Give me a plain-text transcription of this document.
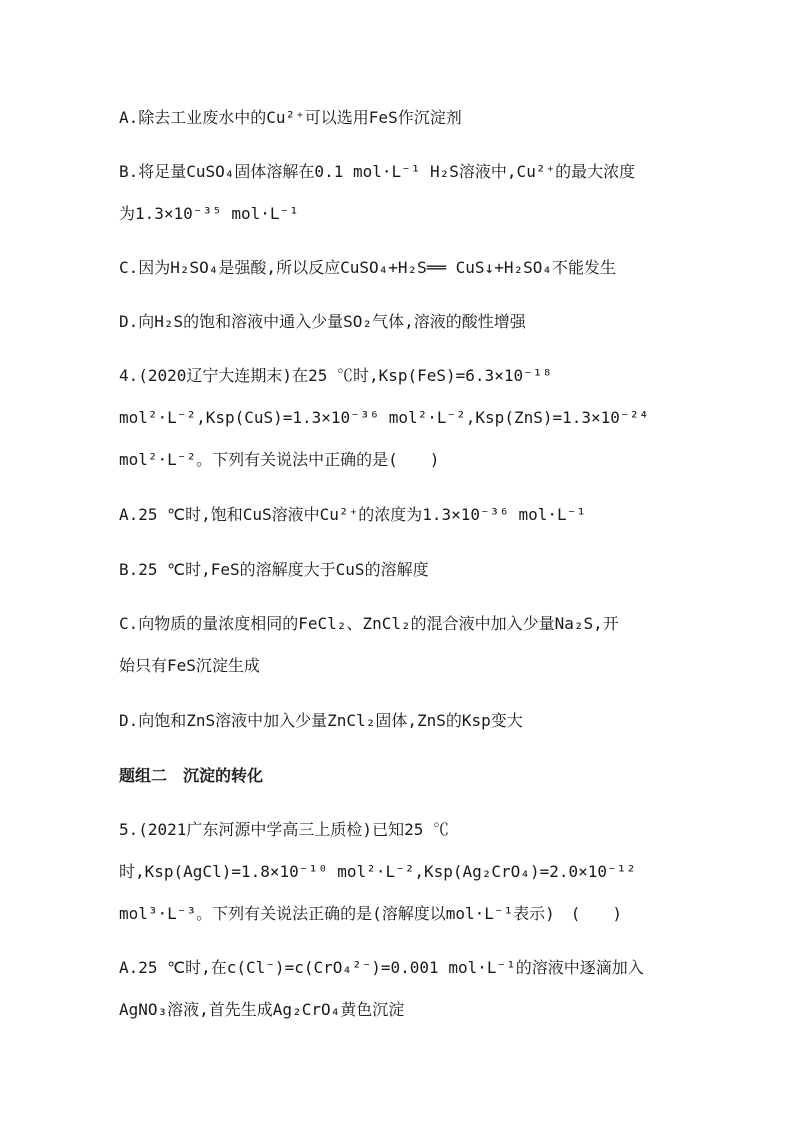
A.除去工业废水中的Cu²⁺可以选用FeS作沉淀剂
B.将足量CuSO₄固体溶解在0.1 mol·L⁻¹ H₂S溶液中,Cu²⁺的最大浓度
为1.3×10⁻³⁵ mol·L⁻¹
C.因为H₂SO₄是强酸,所以反应CuSO₄+H₂S══ CuS↓+H₂SO₄不能发生
D.向H₂S的饱和溶液中通入少量SO₂气体,溶液的酸性增强
4.(2020辽宁大连期末)在25 ℃时,Ksp(FeS)=6.3×10⁻¹⁸
mol²·L⁻²,Ksp(CuS)=1.3×10⁻³⁶ mol²·L⁻²,Ksp(ZnS)=1.3×10⁻²⁴
mol²·L⁻²。下列有关说法中正确的是(　　)
A.25 ℃时,饱和CuS溶液中Cu²⁺的浓度为1.3×10⁻³⁶ mol·L⁻¹
B.25 ℃时,FeS的溶解度大于CuS的溶解度
C.向物质的量浓度相同的FeCl₂、ZnCl₂的混合液中加入少量Na₂S,开
始只有FeS沉淀生成
D.向饱和ZnS溶液中加入少量ZnCl₂固体,ZnS的Ksp变大
题组二　沉淀的转化
5.(2021广东河源中学高三上质检)已知25 ℃
时,Ksp(AgCl)=1.8×10⁻¹⁰ mol²·L⁻²,Ksp(Ag₂CrO₄)=2.0×10⁻¹²
mol³·L⁻³。下列有关说法正确的是(溶解度以mol·L⁻¹表示)　(　　)
A.25 ℃时,在c(Cl⁻)=c(CrO₄²⁻)=0.001 mol·L⁻¹的溶液中逐滴加入
AgNO₃溶液,首先生成Ag₂CrO₄黄色沉淀
